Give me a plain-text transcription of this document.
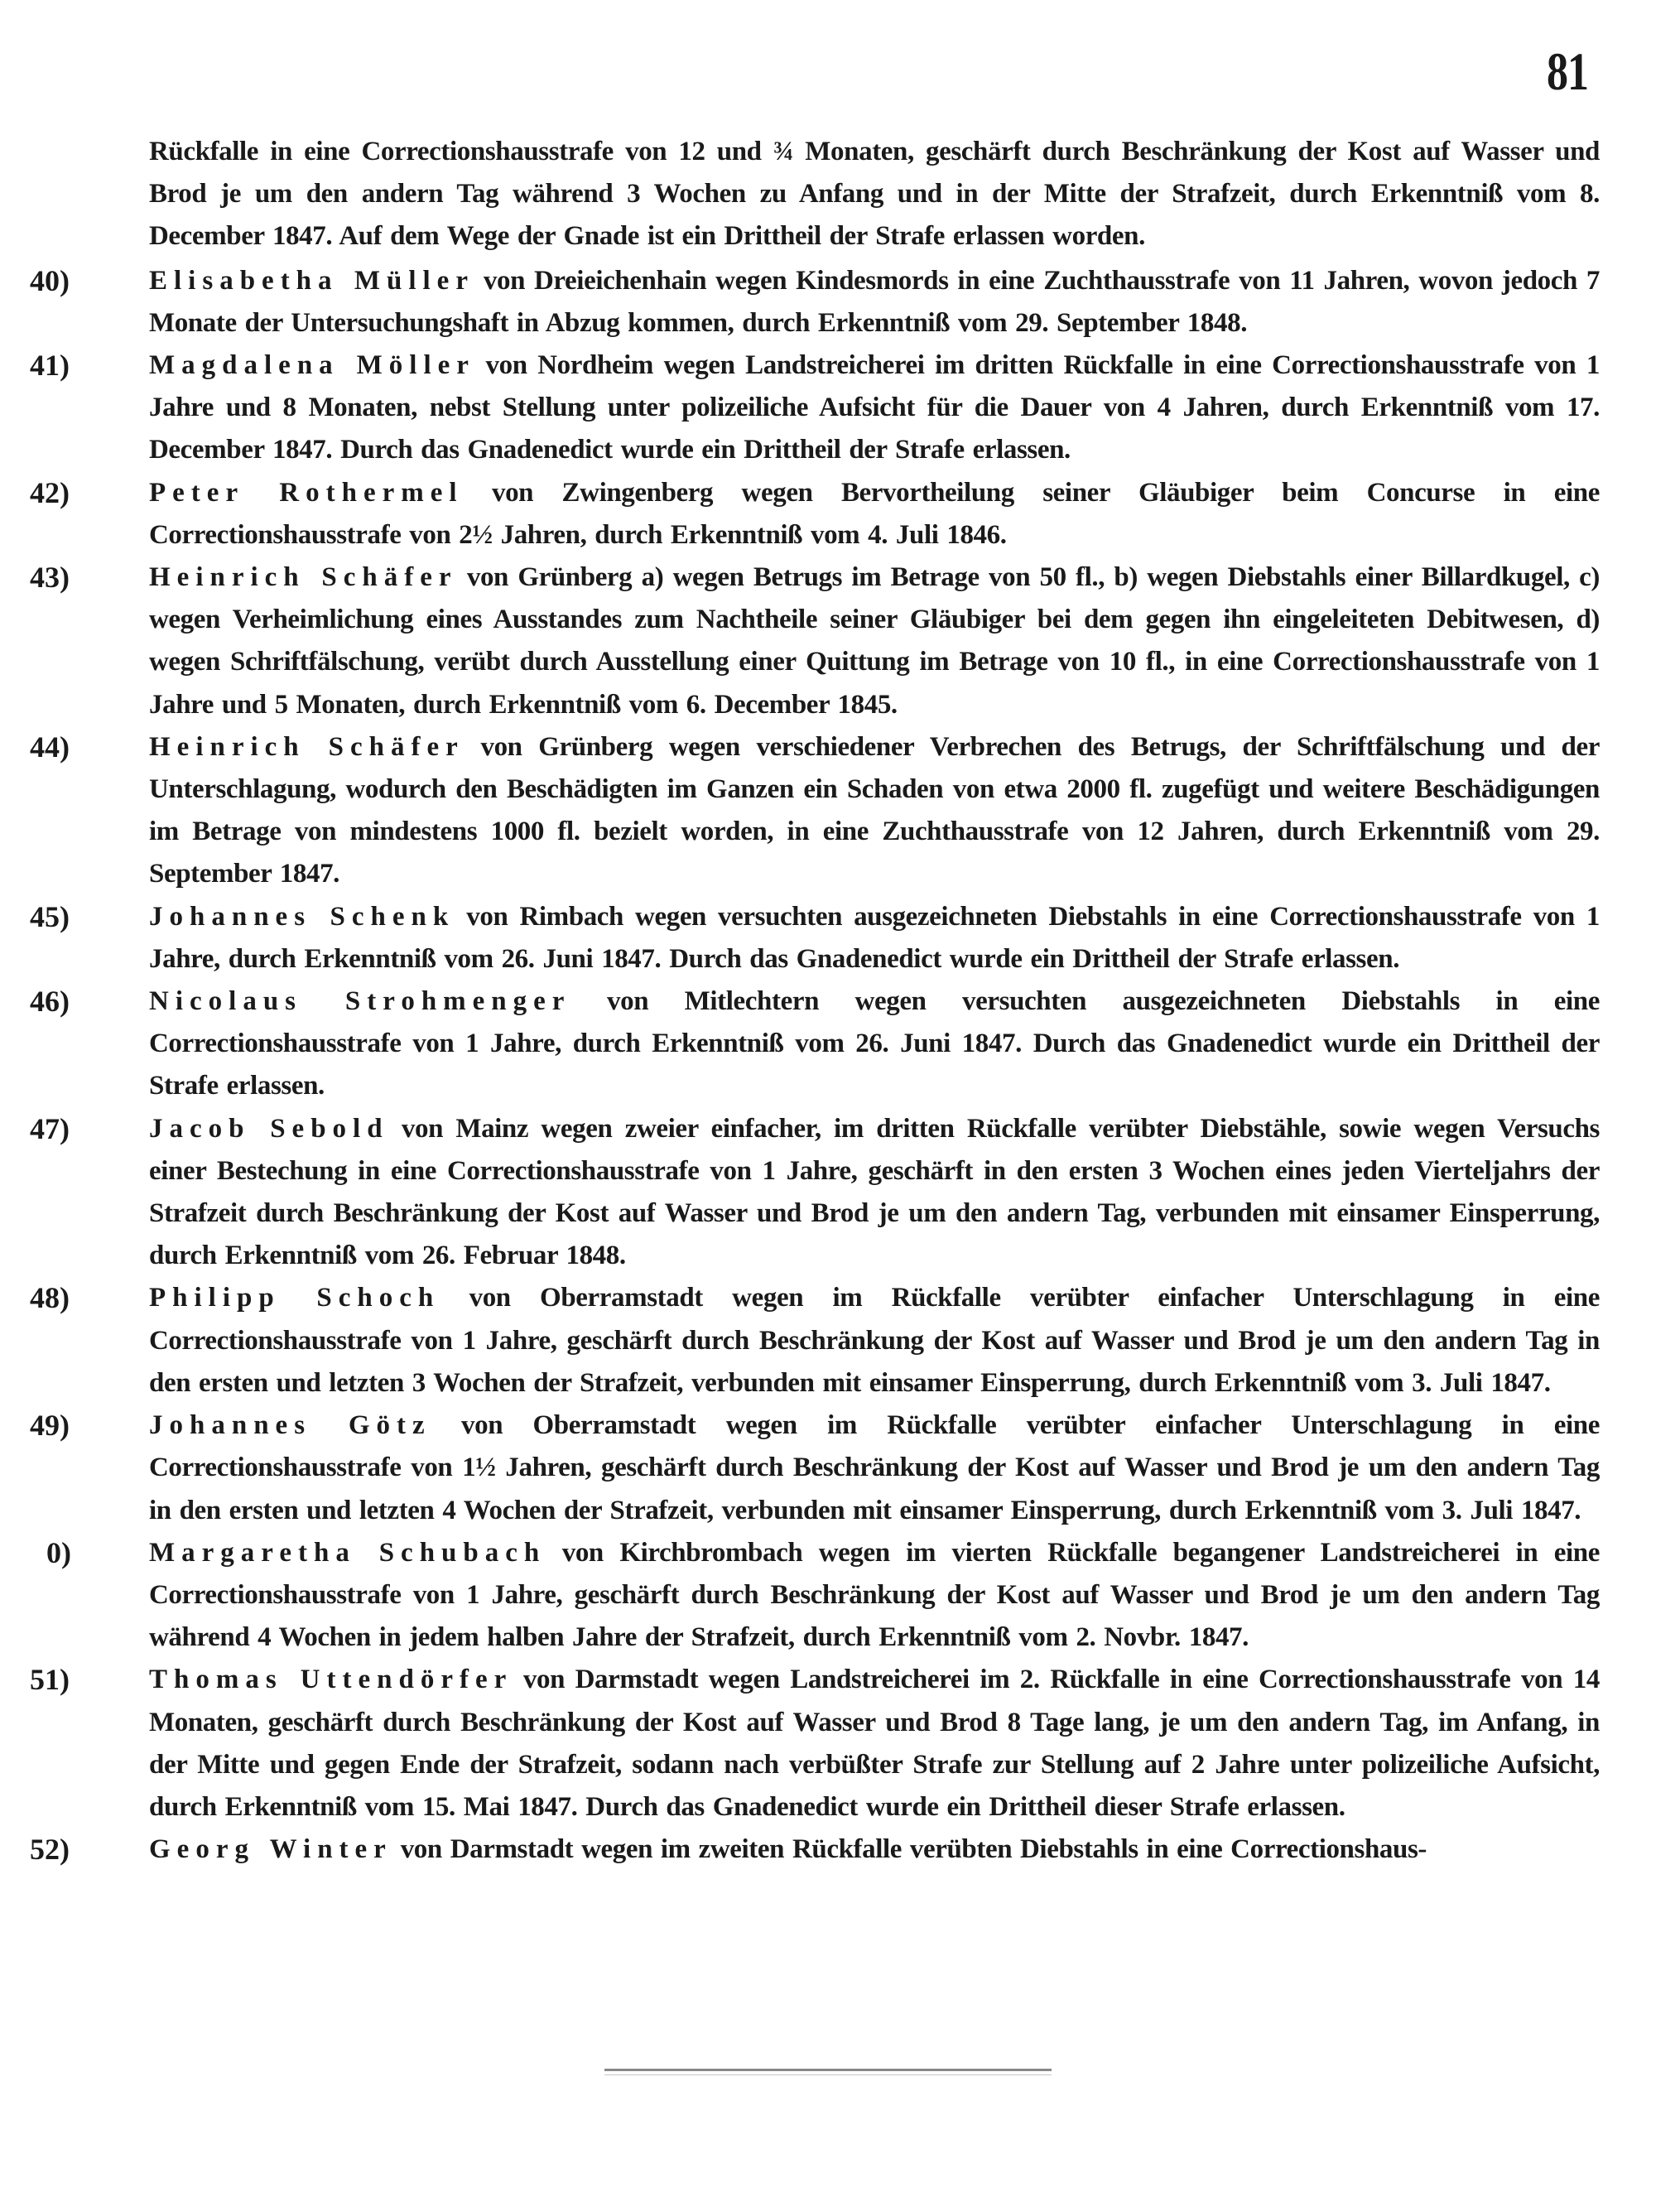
81

Rückfalle in eine Correctionshausstrafe von 12 und ¾ Monaten, geschärft durch Beschränkung der Kost auf Wasser und Brod je um den andern Tag während 3 Wochen zu Anfang und in der Mitte der Strafzeit, durch Erkenntniß vom 8. December 1847. Auf dem Wege der Gnade ist ein Drittheil der Strafe erlassen worden.

40)	Elisabetha Müller von Dreieichenhain wegen Kindesmords in eine Zuchthausstrafe von 11 Jahren, wovon jedoch 7 Monate der Untersuchungshaft in Abzug kommen, durch Erkenntniß vom 29. September 1848.
41)	Magdalena Möller von Nordheim wegen Landstreicherei im dritten Rückfalle in eine Correctionshausstrafe von 1 Jahre und 8 Monaten, nebst Stellung unter polizeiliche Aufsicht für die Dauer von 4 Jahren, durch Erkenntniß vom 17. December 1847. Durch das Gnadenedict wurde ein Drittheil der Strafe erlassen.
42)	Peter Rothermel von Zwingenberg wegen Bervortheilung seiner Gläubiger beim Concurse in eine Correctionshausstrafe von 2½ Jahren, durch Erkenntniß vom 4. Juli 1846.
43)	Heinrich Schäfer von Grünberg a) wegen Betrugs im Betrage von 50 fl., b) wegen Diebstahls einer Billardkugel, c) wegen Verheimlichung eines Ausstandes zum Nachtheile seiner Gläubiger bei dem gegen ihn eingeleiteten Debitwesen, d) wegen Schriftfälschung, verübt durch Ausstellung einer Quittung im Betrage von 10 fl., in eine Correctionshausstrafe von 1 Jahre und 5 Monaten, durch Erkenntniß vom 6. December 1845.
44)	Heinrich Schäfer von Grünberg wegen verschiedener Verbrechen des Betrugs, der Schriftfälschung und der Unterschlagung, wodurch den Beschädigten im Ganzen ein Schaden von etwa 2000 fl. zugefügt und weitere Beschädigungen im Betrage von mindestens 1000 fl. bezielt worden, in eine Zuchthausstrafe von 12 Jahren, durch Erkenntniß vom 29. September 1847.
45)	Johannes Schenk von Rimbach wegen versuchten ausgezeichneten Diebstahls in eine Correctionshausstrafe von 1 Jahre, durch Erkenntniß vom 26. Juni 1847. Durch das Gnadenedict wurde ein Drittheil der Strafe erlassen.
46)	Nicolaus Strohmenger von Mitlechtern wegen versuchten ausgezeichneten Diebstahls in eine Correctionshausstrafe von 1 Jahre, durch Erkenntniß vom 26. Juni 1847. Durch das Gnadenedict wurde ein Drittheil der Strafe erlassen.
47)	Jacob Sebold von Mainz wegen zweier einfacher, im dritten Rückfalle verübter Diebstähle, sowie wegen Versuchs einer Bestechung in eine Correctionshausstrafe von 1 Jahre, geschärft in den ersten 3 Wochen eines jeden Vierteljahrs der Strafzeit durch Beschränkung der Kost auf Wasser und Brod je um den andern Tag, verbunden mit einsamer Einsperrung, durch Erkenntniß vom 26. Februar 1848.
48)	Philipp Schoch von Oberramstadt wegen im Rückfalle verübter einfacher Unterschlagung in eine Correctionshausstrafe von 1 Jahre, geschärft durch Beschränkung der Kost auf Wasser und Brod je um den andern Tag in den ersten und letzten 3 Wochen der Strafzeit, verbunden mit einsamer Einsperrung, durch Erkenntniß vom 3. Juli 1847.
49)	Johannes Götz von Oberramstadt wegen im Rückfalle verübter einfacher Unterschlagung in eine Correctionshausstrafe von 1½ Jahren, geschärft durch Beschränkung der Kost auf Wasser und Brod je um den andern Tag in den ersten und letzten 4 Wochen der Strafzeit, verbunden mit einsamer Einsperrung, durch Erkenntniß vom 3. Juli 1847.
0)	Margaretha Schubach von Kirchbrombach wegen im vierten Rückfalle begangener Landstreicherei in eine Correctionshausstrafe von 1 Jahre, geschärft durch Beschränkung der Kost auf Wasser und Brod je um den andern Tag während 4 Wochen in jedem halben Jahre der Strafzeit, durch Erkenntniß vom 2. Novbr. 1847.
51)	Thomas Uttendörfer von Darmstadt wegen Landstreicherei im 2. Rückfalle in eine Correctionshausstrafe von 14 Monaten, geschärft durch Beschränkung der Kost auf Wasser und Brod 8 Tage lang, je um den andern Tag, im Anfang, in der Mitte und gegen Ende der Strafzeit, sodann nach verbüßter Strafe zur Stellung auf 2 Jahre unter polizeiliche Aufsicht, durch Erkenntniß vom 15. Mai 1847. Durch das Gnadenedict wurde ein Drittheil dieser Strafe erlassen.
52)	Georg Winter von Darmstadt wegen im zweiten Rückfalle verübten Diebstahls in eine Correctionshaus-
